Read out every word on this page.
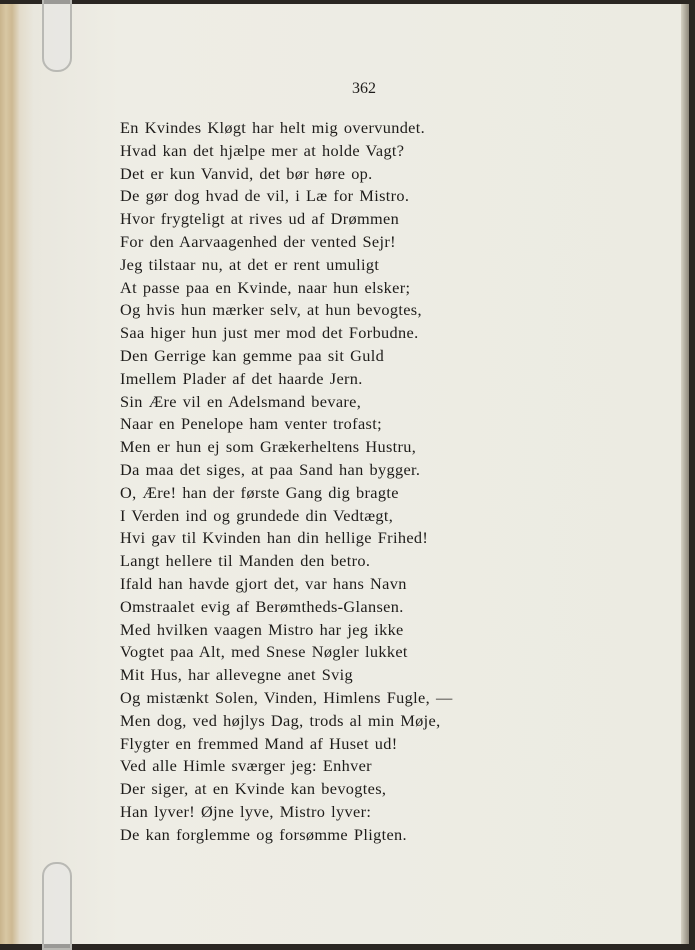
362
En Kvindes Kløgt har helt mig overvundet.
Hvad kan det hjælpe mer at holde Vagt?
Det er kun Vanvid, det bør høre op.
De gør dog hvad de vil, i Læ for Mistro.
Hvor frygteligt at rives ud af Drømmen
For den Aarvaagenhed der vented Sejr!
Jeg tilstaar nu, at det er rent umuligt
At passe paa en Kvinde, naar hun elsker;
Og hvis hun mærker selv, at hun bevogtes,
Saa higer hun just mer mod det Forbudne.
Den Gerrige kan gemme paa sit Guld
Imellem Plader af det haarde Jern.
Sin Ære vil en Adelsmand bevare,
Naar en Penelope ham venter trofast;
Men er hun ej som Grækerheltens Hustru,
Da maa det siges, at paa Sand han bygger.
O, Ære! han der første Gang dig bragte
I Verden ind og grundede din Vedtægt,
Hvi gav til Kvinden han din hellige Frihed!
Langt hellere til Manden den betro.
Ifald han havde gjort det, var hans Navn
Omstraalet evig af Berømtheds-Glansen.
Med hvilken vaagen Mistro har jeg ikke
Vogtet paa Alt, med Snese Nøgler lukket
Mit Hus, har allevegne anet Svig
Og mistænkt Solen, Vinden, Himlens Fugle, —
Men dog, ved højlys Dag, trods al min Møje,
Flygter en fremmed Mand af Huset ud!
Ved alle Himle sværger jeg: Enhver
Der siger, at en Kvinde kan bevogtes,
Han lyver! Øjne lyve, Mistro lyver:
De kan forglemme og forsømme Pligten.
